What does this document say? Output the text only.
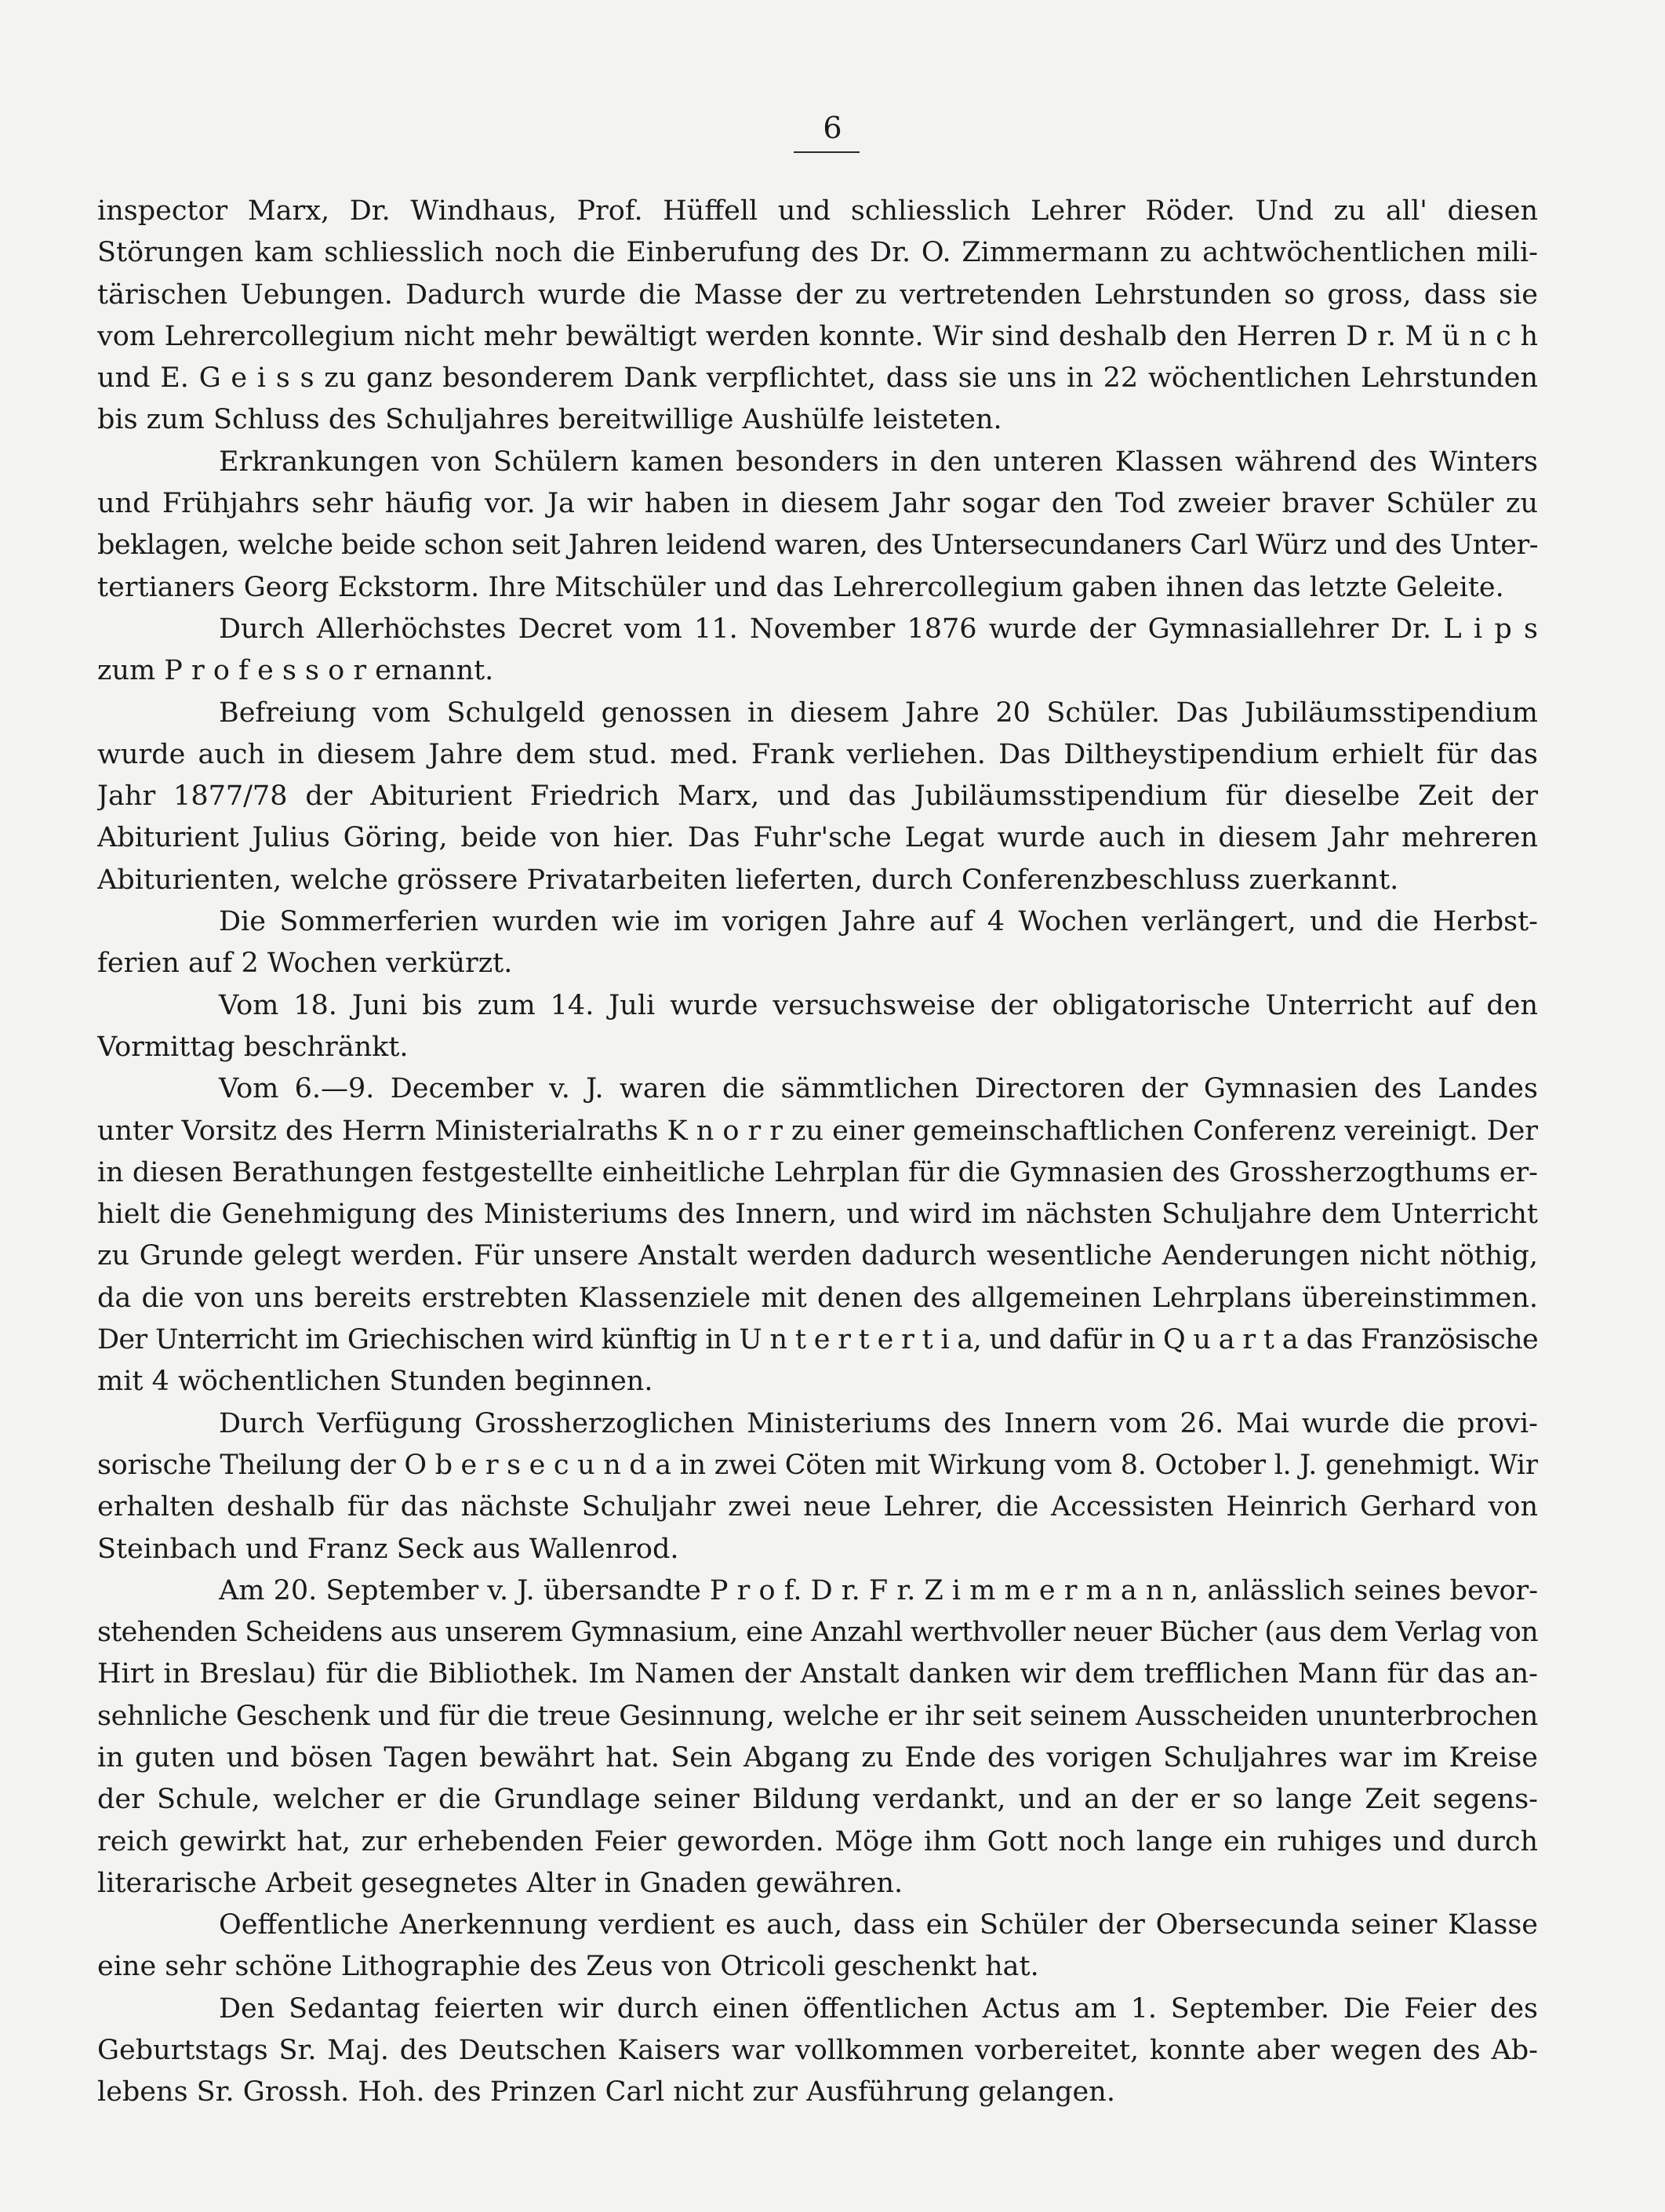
6
inspector Marx, Dr. Windhaus, Prof. Hüffell und schliesslich Lehrer Röder. Und zu all' diesen
Störungen kam schliesslich noch die Einberufung des Dr. O. Zimmermann zu achtwöchentlichen mili-
tärischen Uebungen. Dadurch wurde die Masse der zu vertretenden Lehrstunden so gross, dass sie
vom Lehrercollegium nicht mehr bewältigt werden konnte. Wir sind deshalb den Herren D r. M ü n c h
und E. G e i s s zu ganz besonderem Dank verpflichtet, dass sie uns in 22 wöchentlichen Lehrstunden
bis zum Schluss des Schuljahres bereitwillige Aushülfe leisteten.
Erkrankungen von Schülern kamen besonders in den unteren Klassen während des Winters
und Frühjahrs sehr häufig vor. Ja wir haben in diesem Jahr sogar den Tod zweier braver Schüler zu
beklagen, welche beide schon seit Jahren leidend waren, des Untersecundaners Carl Würz und des Unter-
tertianers Georg Eckstorm. Ihre Mitschüler und das Lehrercollegium gaben ihnen das letzte Geleite.
Durch Allerhöchstes Decret vom 11. November 1876 wurde der Gymnasiallehrer Dr. L i p s
zum P r o f e s s o r ernannt.
Befreiung vom Schulgeld genossen in diesem Jahre 20 Schüler. Das Jubiläumsstipendium
wurde auch in diesem Jahre dem stud. med. Frank verliehen. Das Diltheystipendium erhielt für das
Jahr 1877/78 der Abiturient Friedrich Marx, und das Jubiläumsstipendium für dieselbe Zeit der
Abiturient Julius Göring, beide von hier. Das Fuhr'sche Legat wurde auch in diesem Jahr mehreren
Abiturienten, welche grössere Privatarbeiten lieferten, durch Conferenzbeschluss zuerkannt.
Die Sommerferien wurden wie im vorigen Jahre auf 4 Wochen verlängert, und die Herbst-
ferien auf 2 Wochen verkürzt.
Vom 18. Juni bis zum 14. Juli wurde versuchsweise der obligatorische Unterricht auf den
Vormittag beschränkt.
Vom 6.—9. December v. J. waren die sämmtlichen Directoren der Gymnasien des Landes
unter Vorsitz des Herrn Ministerialraths K n o r r zu einer gemeinschaftlichen Conferenz vereinigt. Der
in diesen Berathungen festgestellte einheitliche Lehrplan für die Gymnasien des Grossherzogthums er-
hielt die Genehmigung des Ministeriums des Innern, und wird im nächsten Schuljahre dem Unterricht
zu Grunde gelegt werden. Für unsere Anstalt werden dadurch wesentliche Aenderungen nicht nöthig,
da die von uns bereits erstrebten Klassenziele mit denen des allgemeinen Lehrplans übereinstimmen.
Der Unterricht im Griechischen wird künftig in U n t e r t e r t i a, und dafür in Q u a r t a das Französische
mit 4 wöchentlichen Stunden beginnen.
Durch Verfügung Grossherzoglichen Ministeriums des Innern vom 26. Mai wurde die provi-
sorische Theilung der O b e r s e c u n d a in zwei Cöten mit Wirkung vom 8. October l. J. genehmigt. Wir
erhalten deshalb für das nächste Schuljahr zwei neue Lehrer, die Accessisten Heinrich Gerhard von
Steinbach und Franz Seck aus Wallenrod.
Am 20. September v. J. übersandte P r o f. D r. F r. Z i m m e r m a n n, anlässlich seines bevor-
stehenden Scheidens aus unserem Gymnasium, eine Anzahl werthvoller neuer Bücher (aus dem Verlag von
Hirt in Breslau) für die Bibliothek. Im Namen der Anstalt danken wir dem trefflichen Mann für das an-
sehnliche Geschenk und für die treue Gesinnung, welche er ihr seit seinem Ausscheiden ununterbrochen
in guten und bösen Tagen bewährt hat. Sein Abgang zu Ende des vorigen Schuljahres war im Kreise
der Schule, welcher er die Grundlage seiner Bildung verdankt, und an der er so lange Zeit segens-
reich gewirkt hat, zur erhebenden Feier geworden. Möge ihm Gott noch lange ein ruhiges und durch
literarische Arbeit gesegnetes Alter in Gnaden gewähren.
Oeffentliche Anerkennung verdient es auch, dass ein Schüler der Obersecunda seiner Klasse
eine sehr schöne Lithographie des Zeus von Otricoli geschenkt hat.
Den Sedantag feierten wir durch einen öffentlichen Actus am 1. September. Die Feier des
Geburtstags Sr. Maj. des Deutschen Kaisers war vollkommen vorbereitet, konnte aber wegen des Ab-
lebens Sr. Grossh. Hoh. des Prinzen Carl nicht zur Ausführung gelangen.
